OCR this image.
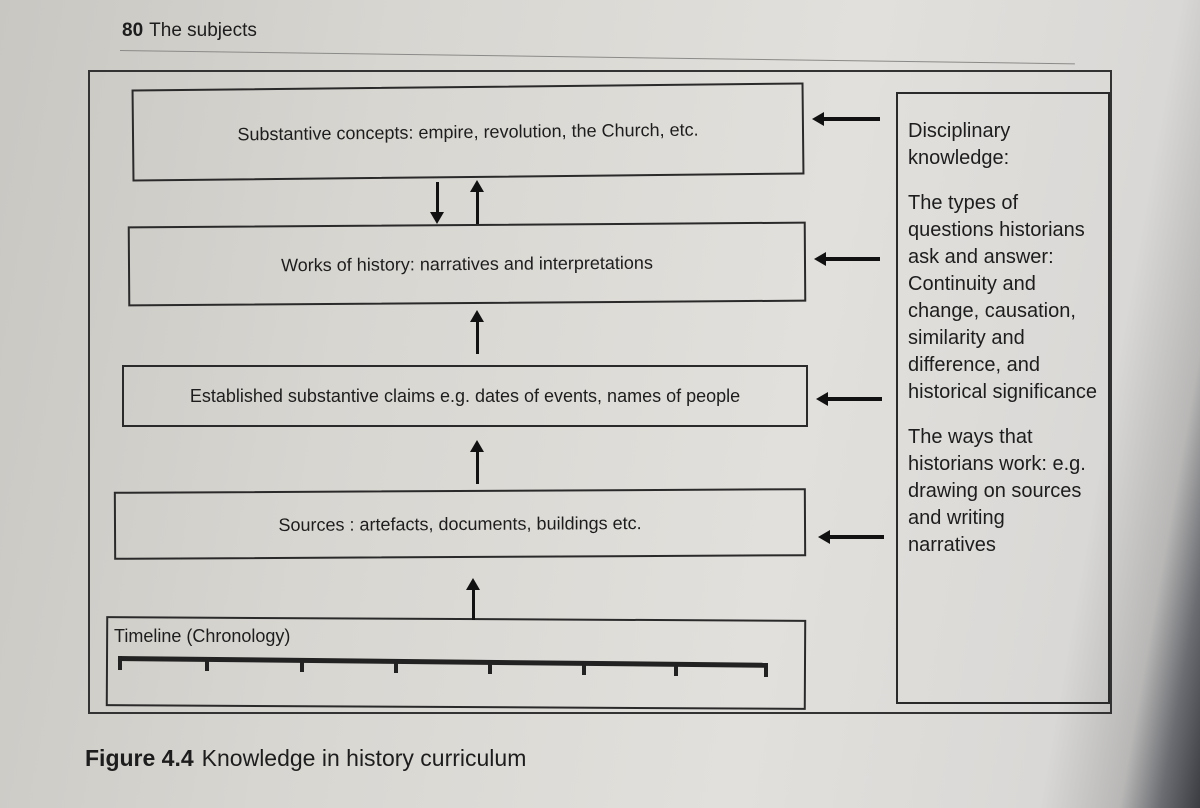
80 The subjects
Substantive concepts: empire, revolution, the Church, etc.
Works of history: narratives and interpretations
Established substantive claims e.g. dates of events, names of people
Sources : artefacts, documents, buildings etc.
Timeline (Chronology)

Disciplinary knowledge:

The types of questions historians ask and answer: Continuity and change, causation, similarity and difference, and historical significance

The ways that historians work: e.g. drawing on sources and writing narratives

Figure 4.4 Knowledge in history curriculum
